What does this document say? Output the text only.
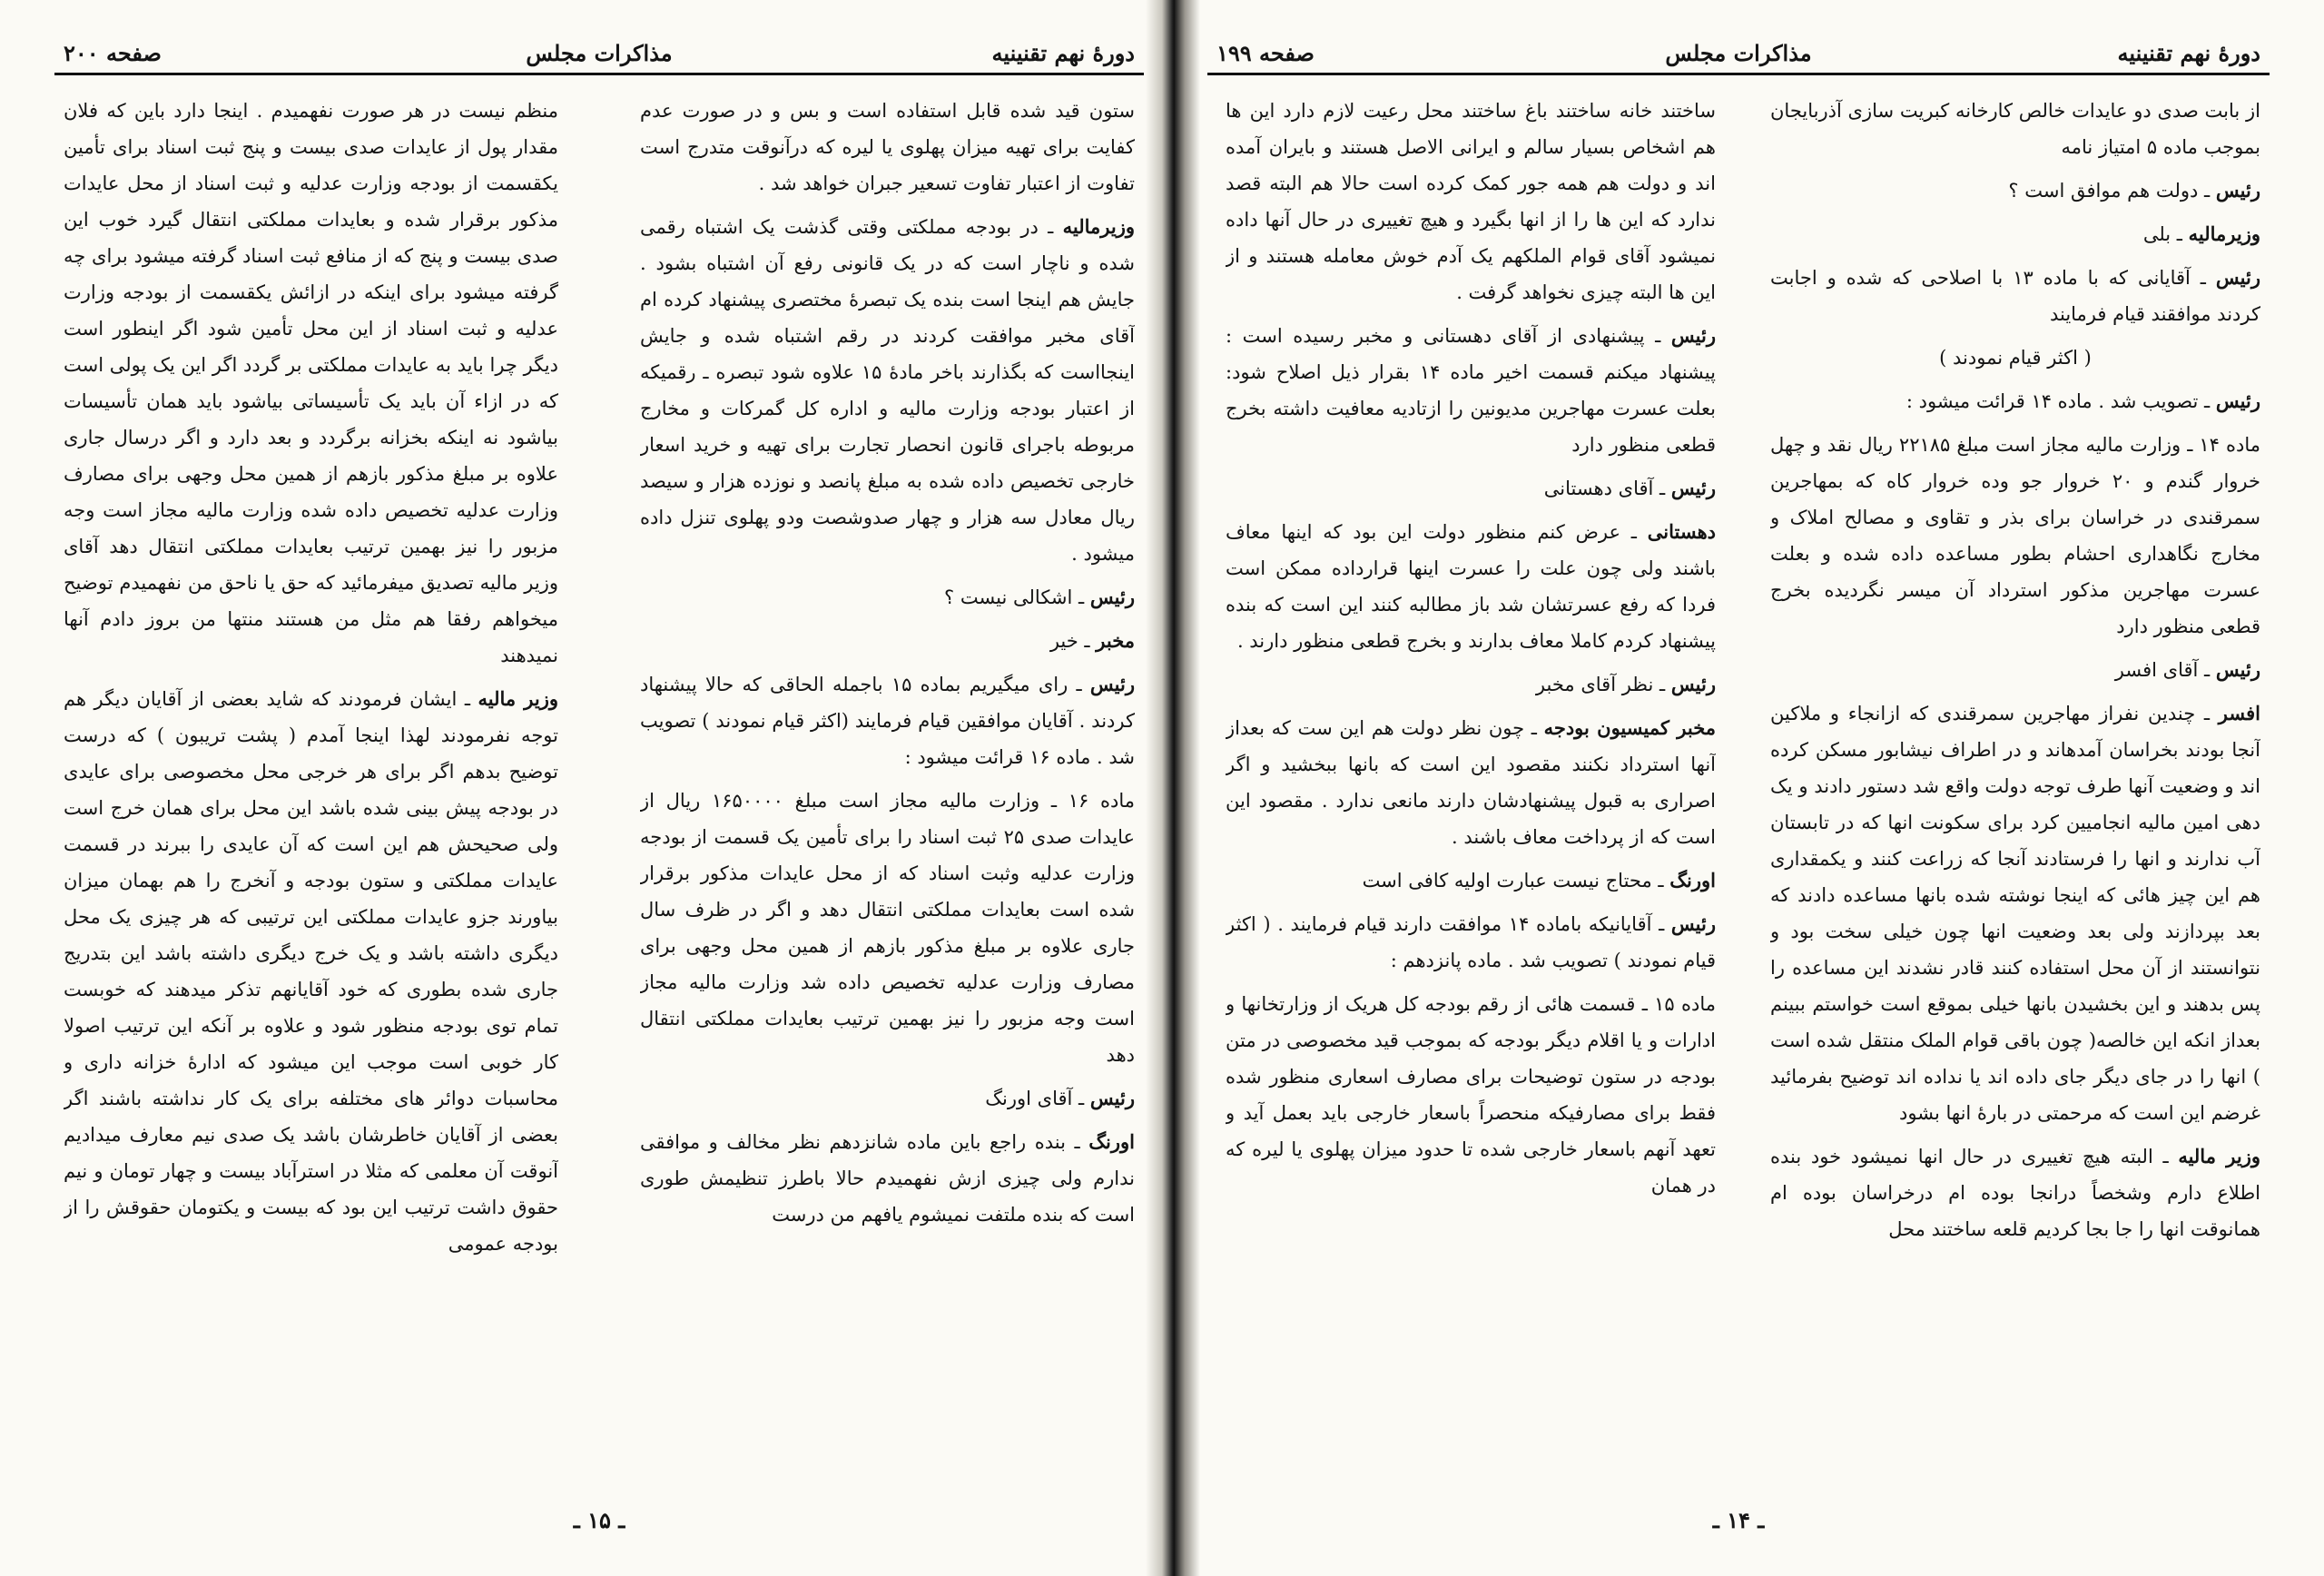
دورهٔ نهم تقنینیه
مذاکرات مجلس
صفحه ۲۰۰

ستون قید شده قابل استفاده است و بس و در صورت عدم کفایت برای تهیه میزان پهلوی یا لیره که درآنوقت متدرج است تفاوت از اعتبار تفاوت تسعیر جبران خواهد شد .

وزیرمالیه ـ در بودجه مملکتی وقتی گذشت یک اشتباه رقمی شده و ناچار است که در یک قانونی رفع آن اشتباه بشود . جایش هم اینجا است بنده یک تبصرهٔ مختصری پیشنهاد کرده ام آقای مخبر موافقت کردند در رقم اشتباه شده و جایش اینجااست که بگذارند باخر مادهٔ ۱۵ علاوه شود تبصره ـ رقمیکه از اعتبار بودجه وزارت مالیه و اداره کل گمرکات و مخارج مربوطه باجرای قانون انحصار تجارت برای تهیه و خرید اسعار خارجی تخصیص داده شده به مبلغ پانصد و نوزده هزار و سیصد ریال معادل سه هزار و چهار صدوشصت ودو پهلوی تنزل داده میشود .

رئیس ـ اشکالی نیست ؟

مخبر ـ خیر

رئیس ـ رای میگیریم بماده ۱۵ باجمله الحاقی که حالا پیشنهاد کردند . آقایان موافقین قیام فرمایند (اکثر قیام نمودند ) تصویب شد . ماده ۱۶ قرائت میشود :

ماده ۱۶ ـ وزارت مالیه مجاز است مبلغ ۱۶۵۰۰۰۰ ریال از عایدات صدی ۲۵ ثبت اسناد را برای تأمین یک قسمت از بودجه وزارت عدلیه وثبت اسناد که از محل عایدات مذکور برقرار شده است بعایدات مملکتی انتقال دهد و اگر در ظرف سال جاری علاوه بر مبلغ مذکور بازهم از همین محل وجهی برای مصارف وزارت عدلیه تخصیص داده شد وزارت مالیه مجاز است وجه مزبور را نیز بهمین ترتیب بعایدات مملکتی انتقال دهد

رئیس ـ آقای اورنگ

اورنگ ـ بنده راجع باین ماده شانزدهم نظر مخالف و موافقی ندارم ولی چیزی ازش نفهمیدم حالا باطرز تنظیمش طوری است که بنده ملتفت نمیشوم یافهم من درست

منظم نیست در هر صورت نفهمیدم . اینجا دارد باین که فلان مقدار پول از عایدات صدی بیست و پنج ثبت اسناد برای تأمین یکقسمت از بودجه وزارت عدلیه و ثبت اسناد از محل عایدات مذکور برقرار شده و بعایدات مملکتی انتقال گیرد خوب این صدی بیست و پنج که از منافع ثبت اسناد گرفته میشود برای چه گرفته میشود برای اینکه در ازائش یکقسمت از بودجه وزارت عدلیه و ثبت اسناد از این محل تأمین شود اگر اینطور است دیگر چرا باید به عایدات مملکتی بر گردد اگر این یک پولی است که در ازاء آن باید یک تأسیساتی بیاشود باید همان تأسیسات بیاشود نه اینکه بخزانه برگردد و بعد دارد و اگر درسال جاری علاوه بر مبلغ مذکور بازهم از همین محل وجهی برای مصارف وزارت عدلیه تخصیص داده شده وزارت مالیه مجاز است وجه مزبور را نیز بهمین ترتیب بعایدات مملکتی انتقال دهد آقای وزیر مالیه تصدیق میفرمائید که حق یا ناحق من نفهمیدم توضیح میخواهم رفقا هم مثل من هستند منتها من بروز دادم آنها نمیدهند

وزیر مالیه ـ ایشان فرمودند که شاید بعضی از آقایان دیگر هم توجه نفرمودند لهذا اینجا آمدم ( پشت تریبون ) که درست توضیح بدهم اگر برای هر خرجی محل مخصوصی برای عایدی در بودجه پیش بینی شده باشد این محل برای همان خرج است ولی صحیحش هم این است که آن عایدی را ببرند در قسمت عایدات مملکتی و ستون بودجه و آنخرج را هم بهمان میزان بیاورند جزو عایدات مملکتی این ترتیبی که هر چیزی یک محل دیگری داشته باشد و یک خرج دیگری داشته باشد این بتدریج جاری شده بطوری که خود آقایانهم تذکر میدهند که خوبست تمام توی بودجه منظور شود و علاوه بر آنکه این ترتیب اصولا کار خوبی است موجب این میشود که ادارهٔ خزانه داری و محاسبات دوائر های مختلفه برای یک کار نداشته باشند اگر بعضی از آقایان خاطرشان باشد یک صدی نیم معارف میدادیم آنوقت آن معلمی که مثلا در استرآباد بیست و چهار تومان و نیم حقوق داشت ترتیب این بود که بیست و یکتومان حقوقش را از بودجه عمومی

ـ ۱۵ ـ
دورهٔ نهم تقنینیه
مذاکرات مجلس
صفحه ۱۹۹

از بابت صدی دو عایدات خالص کارخانه کبریت سازی آذربایجان بموجب ماده ۵ امتیاز نامه

رئیس ـ دولت هم موافق است ؟

وزیرمالیه ـ بلی

رئیس ـ آقایانی که با ماده ۱۳ با اصلاحی که شده و اجابت کردند موافقند قیام فرمایند

( اکثر قیام نمودند )

رئیس ـ تصویب شد . ماده ۱۴ قرائت میشود :

ماده ۱۴ ـ وزارت مالیه مجاز است مبلغ ۲۲۱۸۵ ریال نقد و چهل خروار گندم و ۲۰ خروار جو وده خروار کاه که بمهاجرین سمرقندی در خراسان برای بذر و تقاوی و مصالح املاک و مخارج نگاهداری احشام بطور مساعده داده شده و بعلت عسرت مهاجرین مذکور استرداد آن میسر نگردیده بخرج قطعی منظور دارد

رئیس ـ آقای افسر

افسر ـ چندین نفراز مهاجرین سمرقندی که ازانجاء و ملاکین آنجا بودند بخراسان آمدهاند و در اطراف نیشابور مسکن کرده اند و وضعیت آنها طرف توجه دولت واقع شد دستور دادند و یک دهی امین مالیه انجامیین کرد برای سکونت انها که در تابستان آب ندارند و انها را فرستادند آنجا که زراعت کنند و یکمقداری هم این چیز هائی که اینجا نوشته شده بانها مساعده دادند که بعد بپردازند ولی بعد وضعیت انها چون خیلی سخت بود و نتوانستند از آن محل استفاده کنند قادر نشدند این مساعده را پس بدهند و این بخشیدن بانها خیلی بموقع است خواستم ببینم بعداز انکه این خالصه( چون باقی قوام الملک منتقل شده است ) انها را در جای دیگر جای داده اند یا نداده اند توضیح بفرمائید غرضم این است که مرحمتی در بارهٔ انها بشود

وزیر مالیه ـ البته هیچ تغییری در حال انها نمیشود خود بنده اطلاع دارم وشخصاً درانجا بوده ام درخراسان بوده ام همانوقت انها را جا بجا کردیم قلعه ساختند محل

ساختند خانه ساختند باغ ساختند محل رعیت لازم دارد این ها هم اشخاص بسیار سالم و ایرانی الاصل هستند و بایران آمده اند و دولت هم همه جور کمک کرده است حالا هم البته قصد ندارد که این ها را از انها بگیرد و هیچ تغییری در حال آنها داده نمیشود آقای قوام الملکهم یک آدم خوش معامله هستند و از این ها البته چیزی نخواهد گرفت .

رئیس ـ پیشنهادی از آقای دهستانی و مخبر رسیده است : پیشنهاد میکنم قسمت اخیر ماده ۱۴ بقرار ذیل اصلاح شود: بعلت عسرت مهاجرین مدیونین را ازتادیه معافیت داشته بخرج قطعی منظور دارد

رئیس ـ آقای دهستانی

دهستانی ـ عرض کنم منظور دولت این بود که اینها معاف باشند ولی چون علت را عسرت اینها قرارداده ممکن است فردا که رفع عسرتشان شد باز مطالبه کنند این است که بنده پیشنهاد کردم کاملا معاف بدارند و بخرج قطعی منظور دارند .

رئیس ـ نظر آقای مخبر

مخبر کمیسیون بودجه ـ چون نظر دولت هم این ست که بعداز آنها استرداد نکنند مقصود این است که بانها ببخشید و اگر اصراری به قبول پیشنهادشان دارند مانعی ندارد . مقصود این است که از پرداخت معاف باشند .

اورنگ ـ محتاج نیست عبارت اولیه کافی است

رئیس ـ آقایانیکه باماده ۱۴ موافقت دارند قیام فرمایند . ( اکثر قیام نمودند ) تصویب شد . ماده پانزدهم :

ماده ۱۵ ـ قسمت هائی از رقم بودجه کل هریک از وزارتخانها و ادارات و یا اقلام دیگر بودجه که بموجب قید مخصوصی در متن بودجه در ستون توضیحات برای مصارف اسعاری منظور شده فقط برای مصارفیکه منحصراً باسعار خارجی باید بعمل آید و تعهد آنهم باسعار خارجی شده تا حدود میزان پهلوی یا لیره که در همان

ـ ۱۴ ـ
